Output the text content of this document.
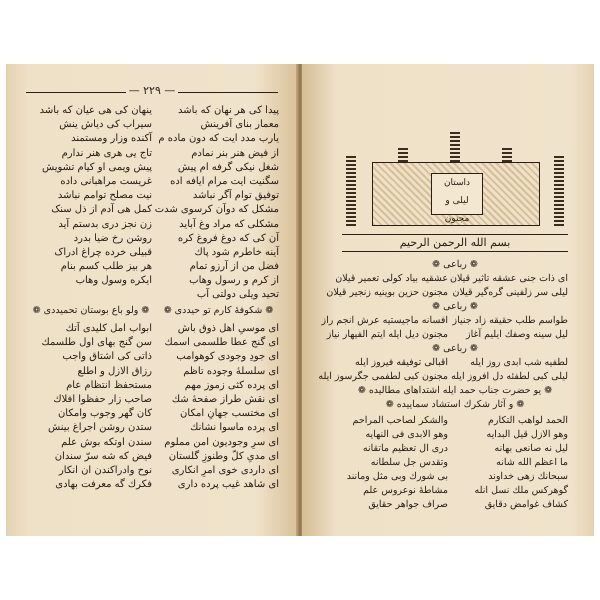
— ٢٢٩ —
پیدا کی هر نهان که باشد
معمار بنای آفرینش
یارب مدد ایت که دون ماده م
از فیض هنر بنر نمادم
شغل نیکی گرفه ام پیش
سگنیت ایت مرام ایافه اده
توفیق توام آگر نباشد
مشکل که دوآن کرسوی شدت
مشکلی که مراد وغ آباید
آن کی که دوغ فروغ کره
آینه خاطرم شود پاك
فضل من از آرزو تمام
از کرم و رسول وهاب
تحید ویلی دولتی آب
ینهان کی هی عیان که باشد
سیراب کی دیاش ینش
آکنده وزار ومستمند
تاج یی هری هنر ندارم
پیش ویمی او کیام تشویش
غریست مراهبانی داده
نیت مصلح توامم نباشد
کمل هی آدم از ذل سنک
زن نجز دری بدستم آید
روشن رخ ضیا بدرد
قبیلی خرده چراغ ادراک
هر بیز طلب کسم بنام
ایکره وسول وهاب
❁ شکوفهٔ کارم تو حیددی ❁
❁ ولو باع بوستان تحمیددی ❁
ای موسیِ اهل ذوق باش
ای گنج عطا طلسمی اسمك
ای جودِ وجودی کوهوامب
ای سلسلهٔ وجوده تاظم
ای پرده کثی زموز مهم
ای نقش طراز صفحهٔ شك
ای مختسب جهانِ امکان
ای پرده ماسوا نشانك
ای سرِ وجودیون امن مملوم
ای مدیِ کلّ وطنوزِ گلستان
ای داردی خوی امرِ انکاری
ای شاهد غیب پرده دارى
ابواب امل کلیدی آتك
سن گنج بهای اول طلسمك
ذاتی کی اشتاق واجب
رزاق الازل و اطلع
مستحفظ انتظام عام
صاحب زار حفظوا افلاك
کان گهر وجوب وامکان
ستدن روشن اجراغ بینش
سندن اوتکه بوش علم
فیض که شه سرّ سندان
نوح وادراکندن ان انکار
فکرك گه معرفت بهادى
داستان
لیلی و مجنون
بسم الله الرحمن الرحیم
❁ رباعی ❁
ای ذات جنی عشقه تاثیر قیلان
عشقیه بیاد کولی تعمیر قیلان
لیلی سر زلفینی گره‌گیر قیلان
مجنون حزین بوینیه زنجیر قیلان
❁ رباعی ❁
طواسم طلب حقیقه زاد جنیاز
افسانه ماجیستیه عرش انجم راز
لیل سینه وصفك ایلیم آغاز
مجنون دیل ایله ایتم الفیهار نیاز
❁ رباعی ❁
لطفیه شب ابدی روز ایله
اقبالی توفیقه فیروز ایله
لیلی کبی لطفئه دل افروز ایله
مجنون کبی لطفمی جگرسوز ایله
❁ یو حضرت جناب حمد ایله اشتداهای مطالیده ❁
❁ و آثار شکرك استشاد سماییده ❁
الحمد لواهب التکارم
والشکر لصاحب المراحم
وهو الازل قیل البدایه
وهو الابدی فی النهایه
لیل نه صانعی بهانه
دری ال تعظیم ماتقانه
ما اعظم الله شانه
وتقدس جل سلطانه
سبحانك زهی خداوند
بی شورك وبی مثل ومانند
گوهرکس ملك نسل انله
مشاطهٔ نوعروس علم
کشاف غوامض دقایق
صراف جواهر حقایق
